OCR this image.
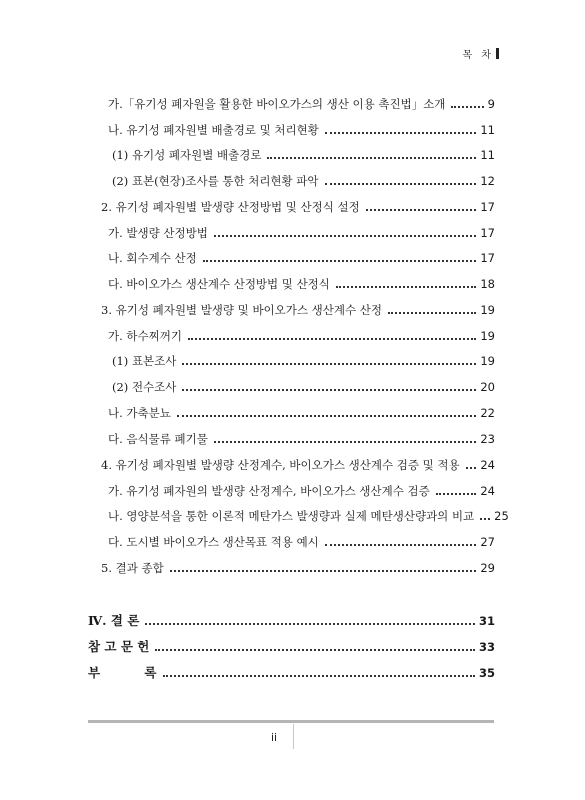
목 차
가.「유기성 폐자원을 활용한 바이오가스의 생산 이용 촉진법」소개	9
나. 유기성 폐자원별 배출경로 및 처리현황	11
(1) 유기성 폐자원별 배출경로	11
(2) 표본(현장)조사를 통한 처리현황 파악	12
2. 유기성 폐자원별 발생량 산정방법 및 산정식 설정	17
가. 발생량 산정방법	17
나. 회수계수 산정	17
다. 바이오가스 생산계수 산정방법 및 산정식	18
3. 유기성 폐자원별 발생량 및 바이오가스 생산계수 산정	19
가. 하수찌꺼기	19
(1) 표본조사	19
(2) 전수조사	20
나. 가축분뇨	22
다. 음식물류 폐기물	23
4. 유기성 폐자원별 발생량 산정계수, 바이오가스 생산계수 검증 및 적용 24
가. 유기성 폐자원의 발생량 산정계수, 바이오가스 생산계수 검증	24
나. 영양분석을 통한 이론적 메탄가스 발생량과 실제 메탄생산량과의 비교 25
다. 도시별 바이오가스 생산목표 적용 예시	27
5. 결과 종합	29
Ⅳ. 결 론	31
참 고 문 헌	33
부 록	35
ii
